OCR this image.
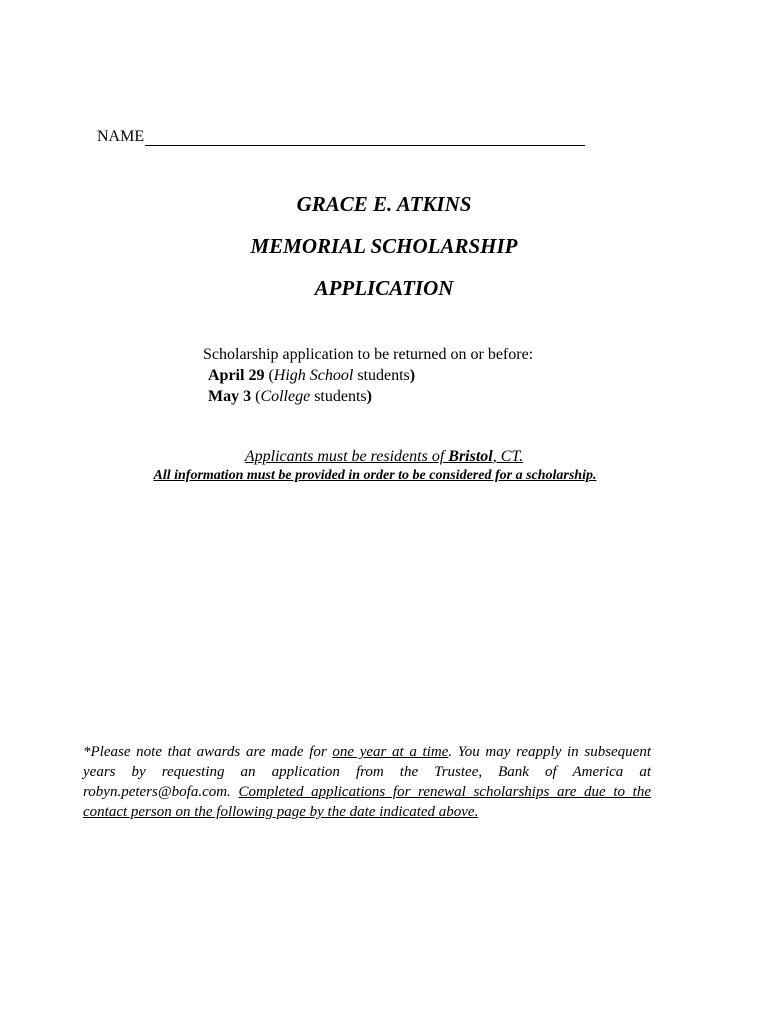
NAME
GRACE E. ATKINS
MEMORIAL SCHOLARSHIP
APPLICATION
Scholarship application to be returned on or before:
April 29 (High School students)
May 3 (College students)
Applicants must be residents of Bristol, CT.
All information must be provided in order to be considered for a scholarship.
*Please note that awards are made for one year at a time. You may reapply in subsequent years by requesting an application from the Trustee, Bank of America at robyn.peters@bofa.com. Completed applications for renewal scholarships are due to the contact person on the following page by the date indicated above.
